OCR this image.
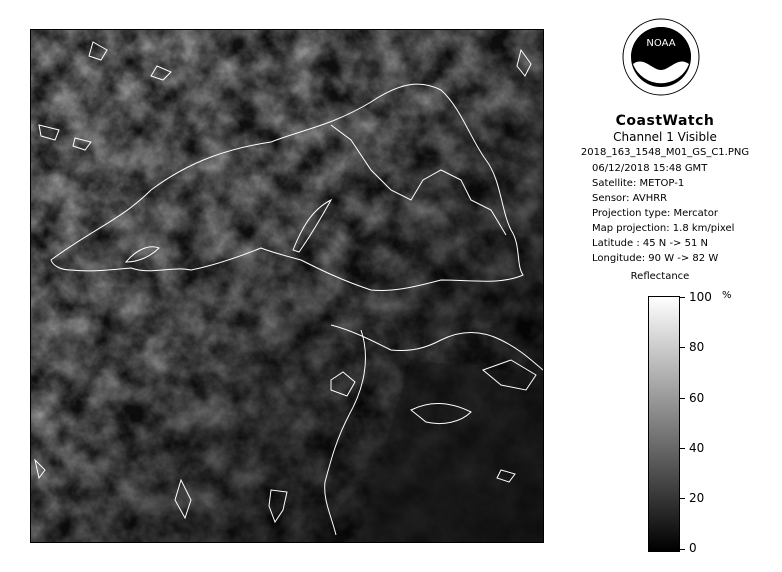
NOAA
CoastWatch
Channel 1 Visible
2018_163_1548_M01_GS_C1.PNG
06/12/2018 15:48 GMT
Satellite: METOP-1
Sensor: AVHRR
Projection type: Mercator
Map projection: 1.8 km/pixel
Latitude : 45 N -> 51 N
Longitude: 90 W -> 82 W
Reflectance
%
100
80
60
40
20
0
